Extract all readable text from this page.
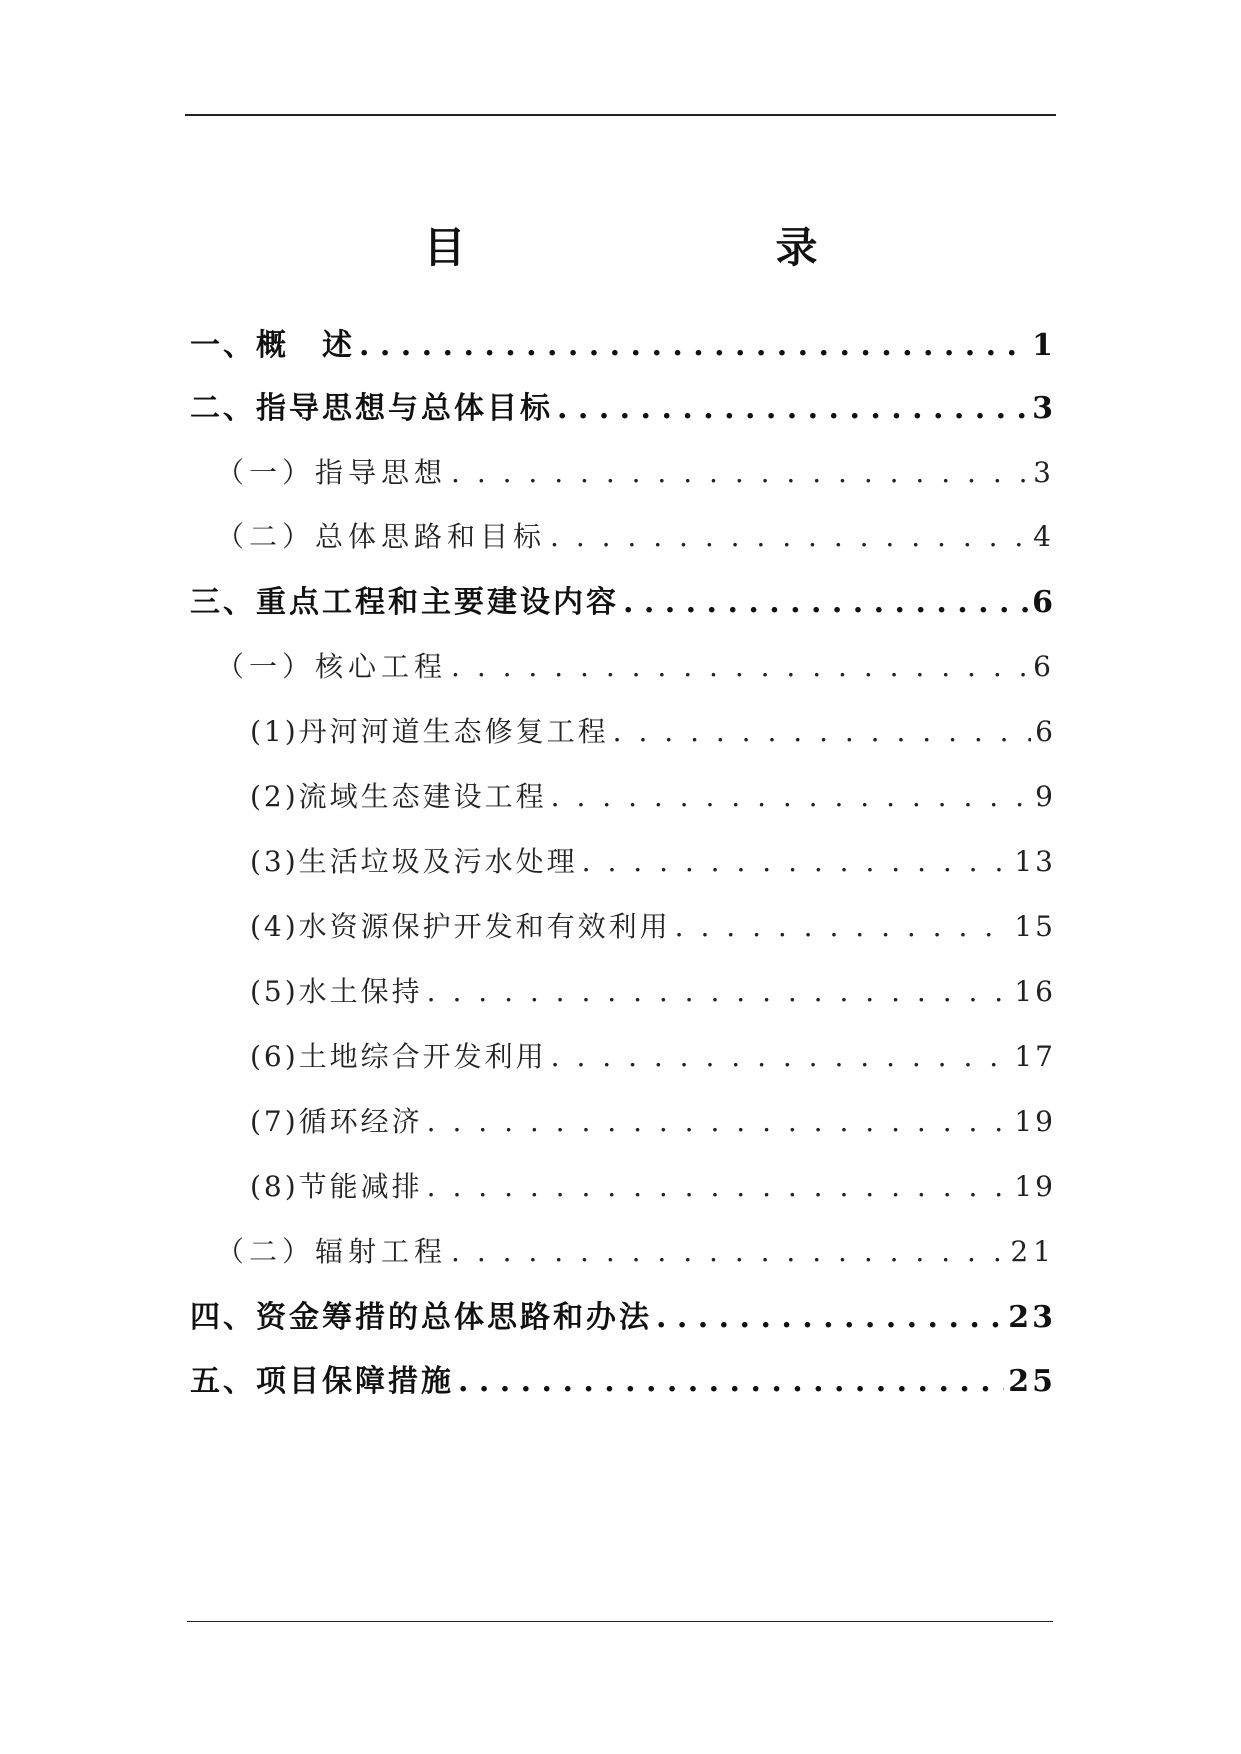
目　录
一、概　述 . . .	1
二、指导思想与总体目标 . . .	3
（一）指导思想 . . .	3
（二）总体思路和目标 . . .	4
三、重点工程和主要建设内容 . . .	6
（一）核心工程 . . .	6
(1)丹河河道生态修复工程 . . .	6
(2)流域生态建设工程 . . .	9
(3)生活垃圾及污水处理 . . .	13
(4)水资源保护开发和有效利用 . . .	15
(5)水土保持 . . .	16
(6)土地综合开发利用 . . .	17
(7)循环经济 . . .	19
(8)节能减排 . . .	19
（二）辐射工程 . . .	21
四、资金筹措的总体思路和办法 . . .	23
五、项目保障措施 . . .	25
